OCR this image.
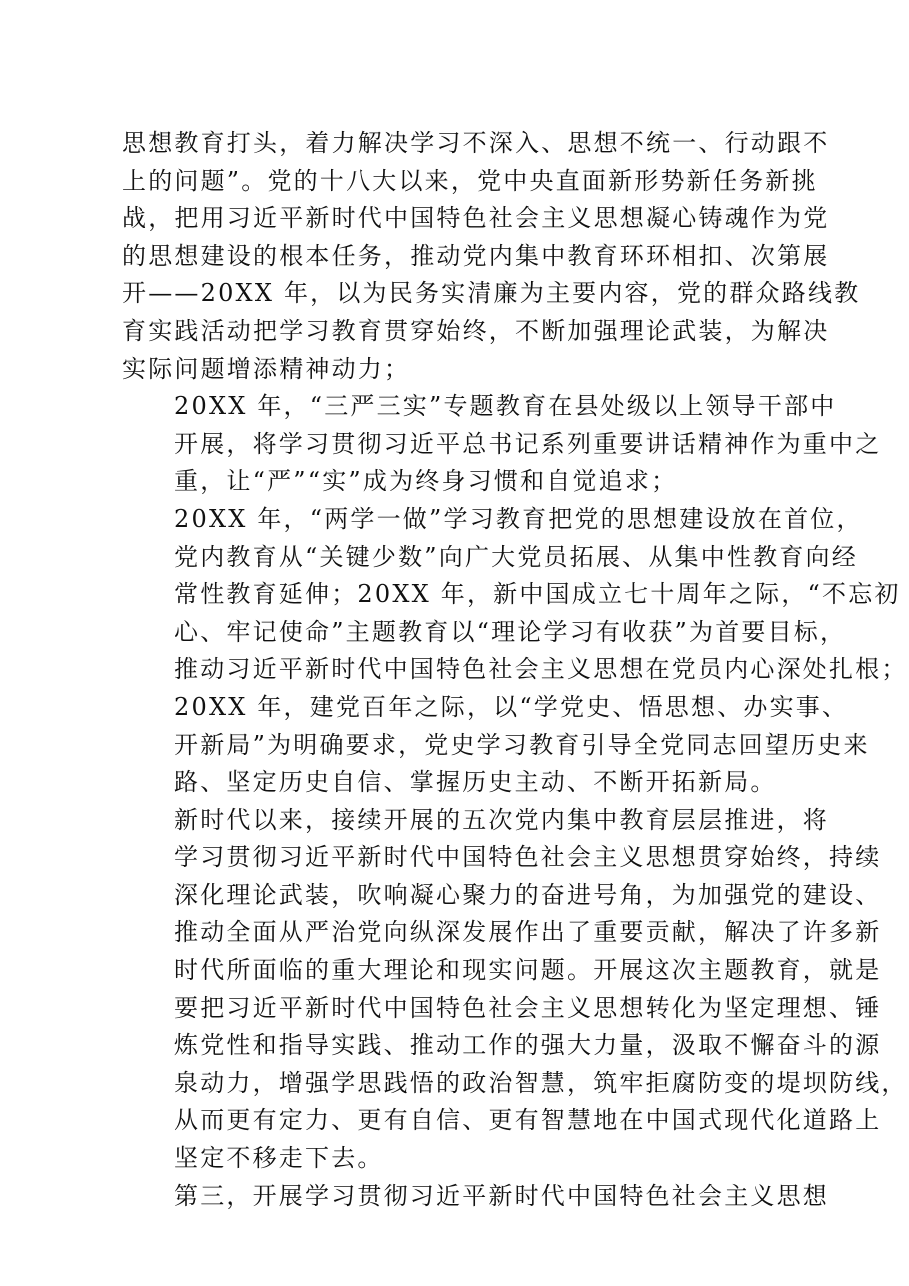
思想教育打头，着力解决学习不深入、思想不统一、行动跟不
上的问题”。党的十八大以来，党中央直面新形势新任务新挑
战，把用习近平新时代中国特色社会主义思想凝心铸魂作为党
的思想建设的根本任务，推动党内集中教育环环相扣、次第展
开——20XX 年，以为民务实清廉为主要内容，党的群众路线教
育实践活动把学习教育贯穿始终，不断加强理论武装，为解决
实际问题增添精神动力；

20XX 年，“三严三实”专题教育在县处级以上领导干部中
开展，将学习贯彻习近平总书记系列重要讲话精神作为重中之
重，让“严”“实”成为终身习惯和自觉追求；

20XX 年，“两学一做”学习教育把党的思想建设放在首位，
党内教育从“关键少数”向广大党员拓展、从集中性教育向经
常性教育延伸；20XX 年，新中国成立七十周年之际，“不忘初
心、牢记使命”主题教育以“理论学习有收获”为首要目标，
推动习近平新时代中国特色社会主义思想在党员内心深处扎根；

20XX 年，建党百年之际，以“学党史、悟思想、办实事、
开新局”为明确要求，党史学习教育引导全党同志回望历史来
路、坚定历史自信、掌握历史主动、不断开拓新局。

新时代以来，接续开展的五次党内集中教育层层推进，将
学习贯彻习近平新时代中国特色社会主义思想贯穿始终，持续
深化理论武装，吹响凝心聚力的奋进号角，为加强党的建设、
推动全面从严治党向纵深发展作出了重要贡献，解决了许多新
时代所面临的重大理论和现实问题。开展这次主题教育，就是
要把习近平新时代中国特色社会主义思想转化为坚定理想、锤
炼党性和指导实践、推动工作的强大力量，汲取不懈奋斗的源
泉动力，增强学思践悟的政治智慧，筑牢拒腐防变的堤坝防线，
从而更有定力、更有自信、更有智慧地在中国式现代化道路上
坚定不移走下去。

第三，开展学习贯彻习近平新时代中国特色社会主义思想
